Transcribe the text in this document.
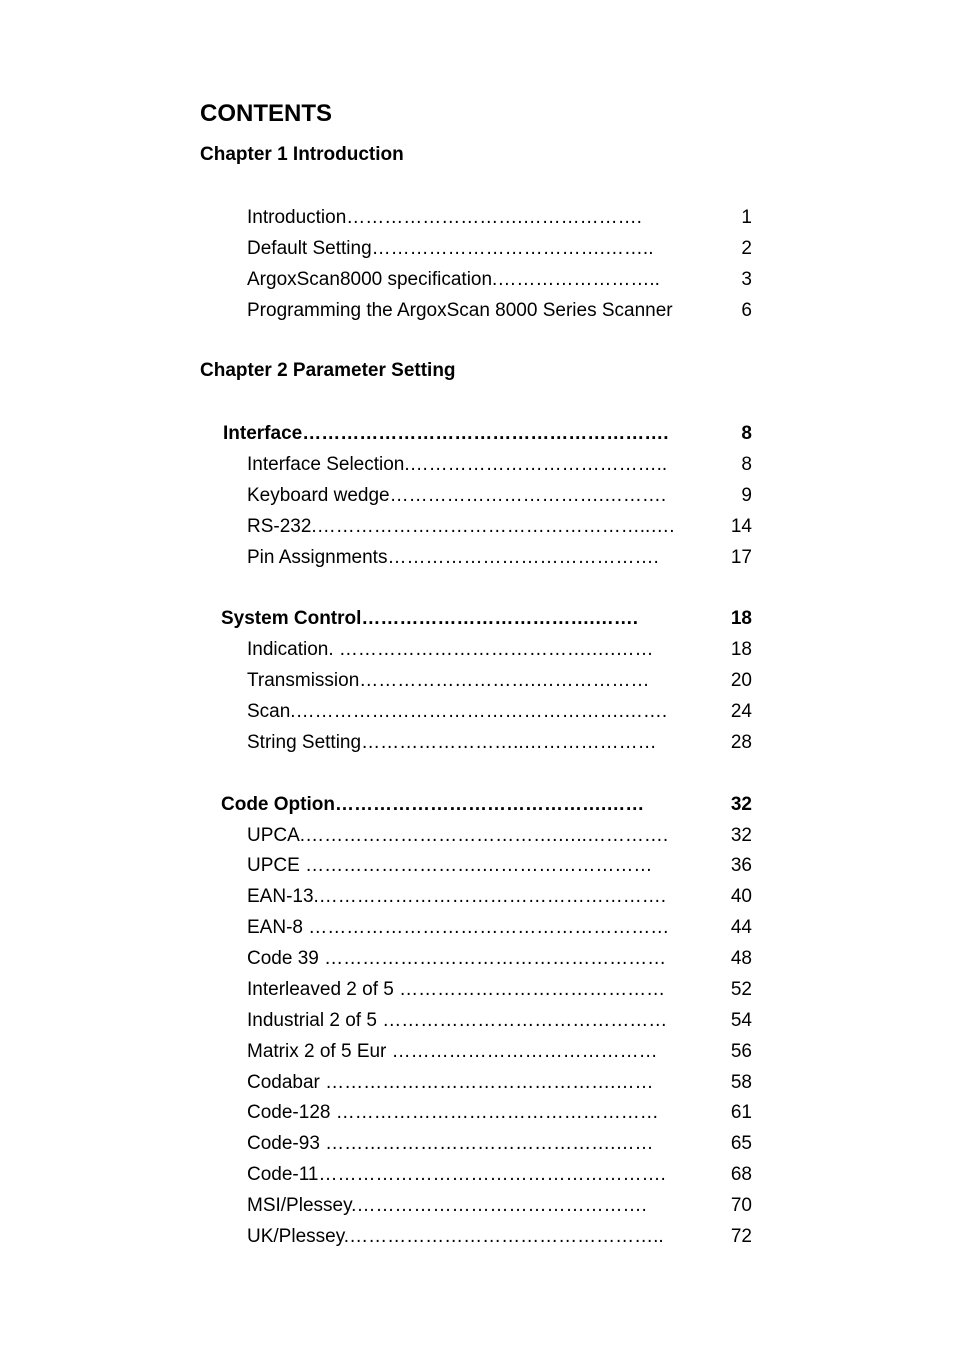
CONTENTS
Chapter 1 Introduction
Introduction……………………….……………….	1
Default Setting……………………………….……..	2
ArgoxScan8000 specification.……………………..	3
Programming the ArgoxScan 8000 Series Scanner	6
Chapter 2 Parameter Setting
Interface………………………………………………….	8
Interface Selection.…………………………………..	8
Keyboard wedge…………………………….……….	9
RS-232.……………………………………………..….	14
Pin Assignments…………………………………….	17
System Control……………………………….…….	18
Indication. ………………………………….….……	18
Transmission……………………….………………	20
Scan.…………………………………………….…….	24
String Setting……………………..…………………	28
Code Option…………………………………….……	32
UPCA.………………………………….…..………….	32
UPCE ……………………….………………………	36
EAN-13.……………………………………………….	40
EAN-8 …………………………………………………	44
Code 39 ………………………………………………	48
Interleaved 2 of 5 ……………………………………	52
Industrial 2 of 5 ………………………………………	54
Matrix 2 of 5 Eur ……………………………………	56
Codabar ……………………………………….……	58
Code-128 ……………………………………………	61
Code-93 ……………………………………….……	65
Code-11……………………………………………….	68
MSI/Plessey.……………………………………….	70
UK/Plessey.…………………………………………..	72
